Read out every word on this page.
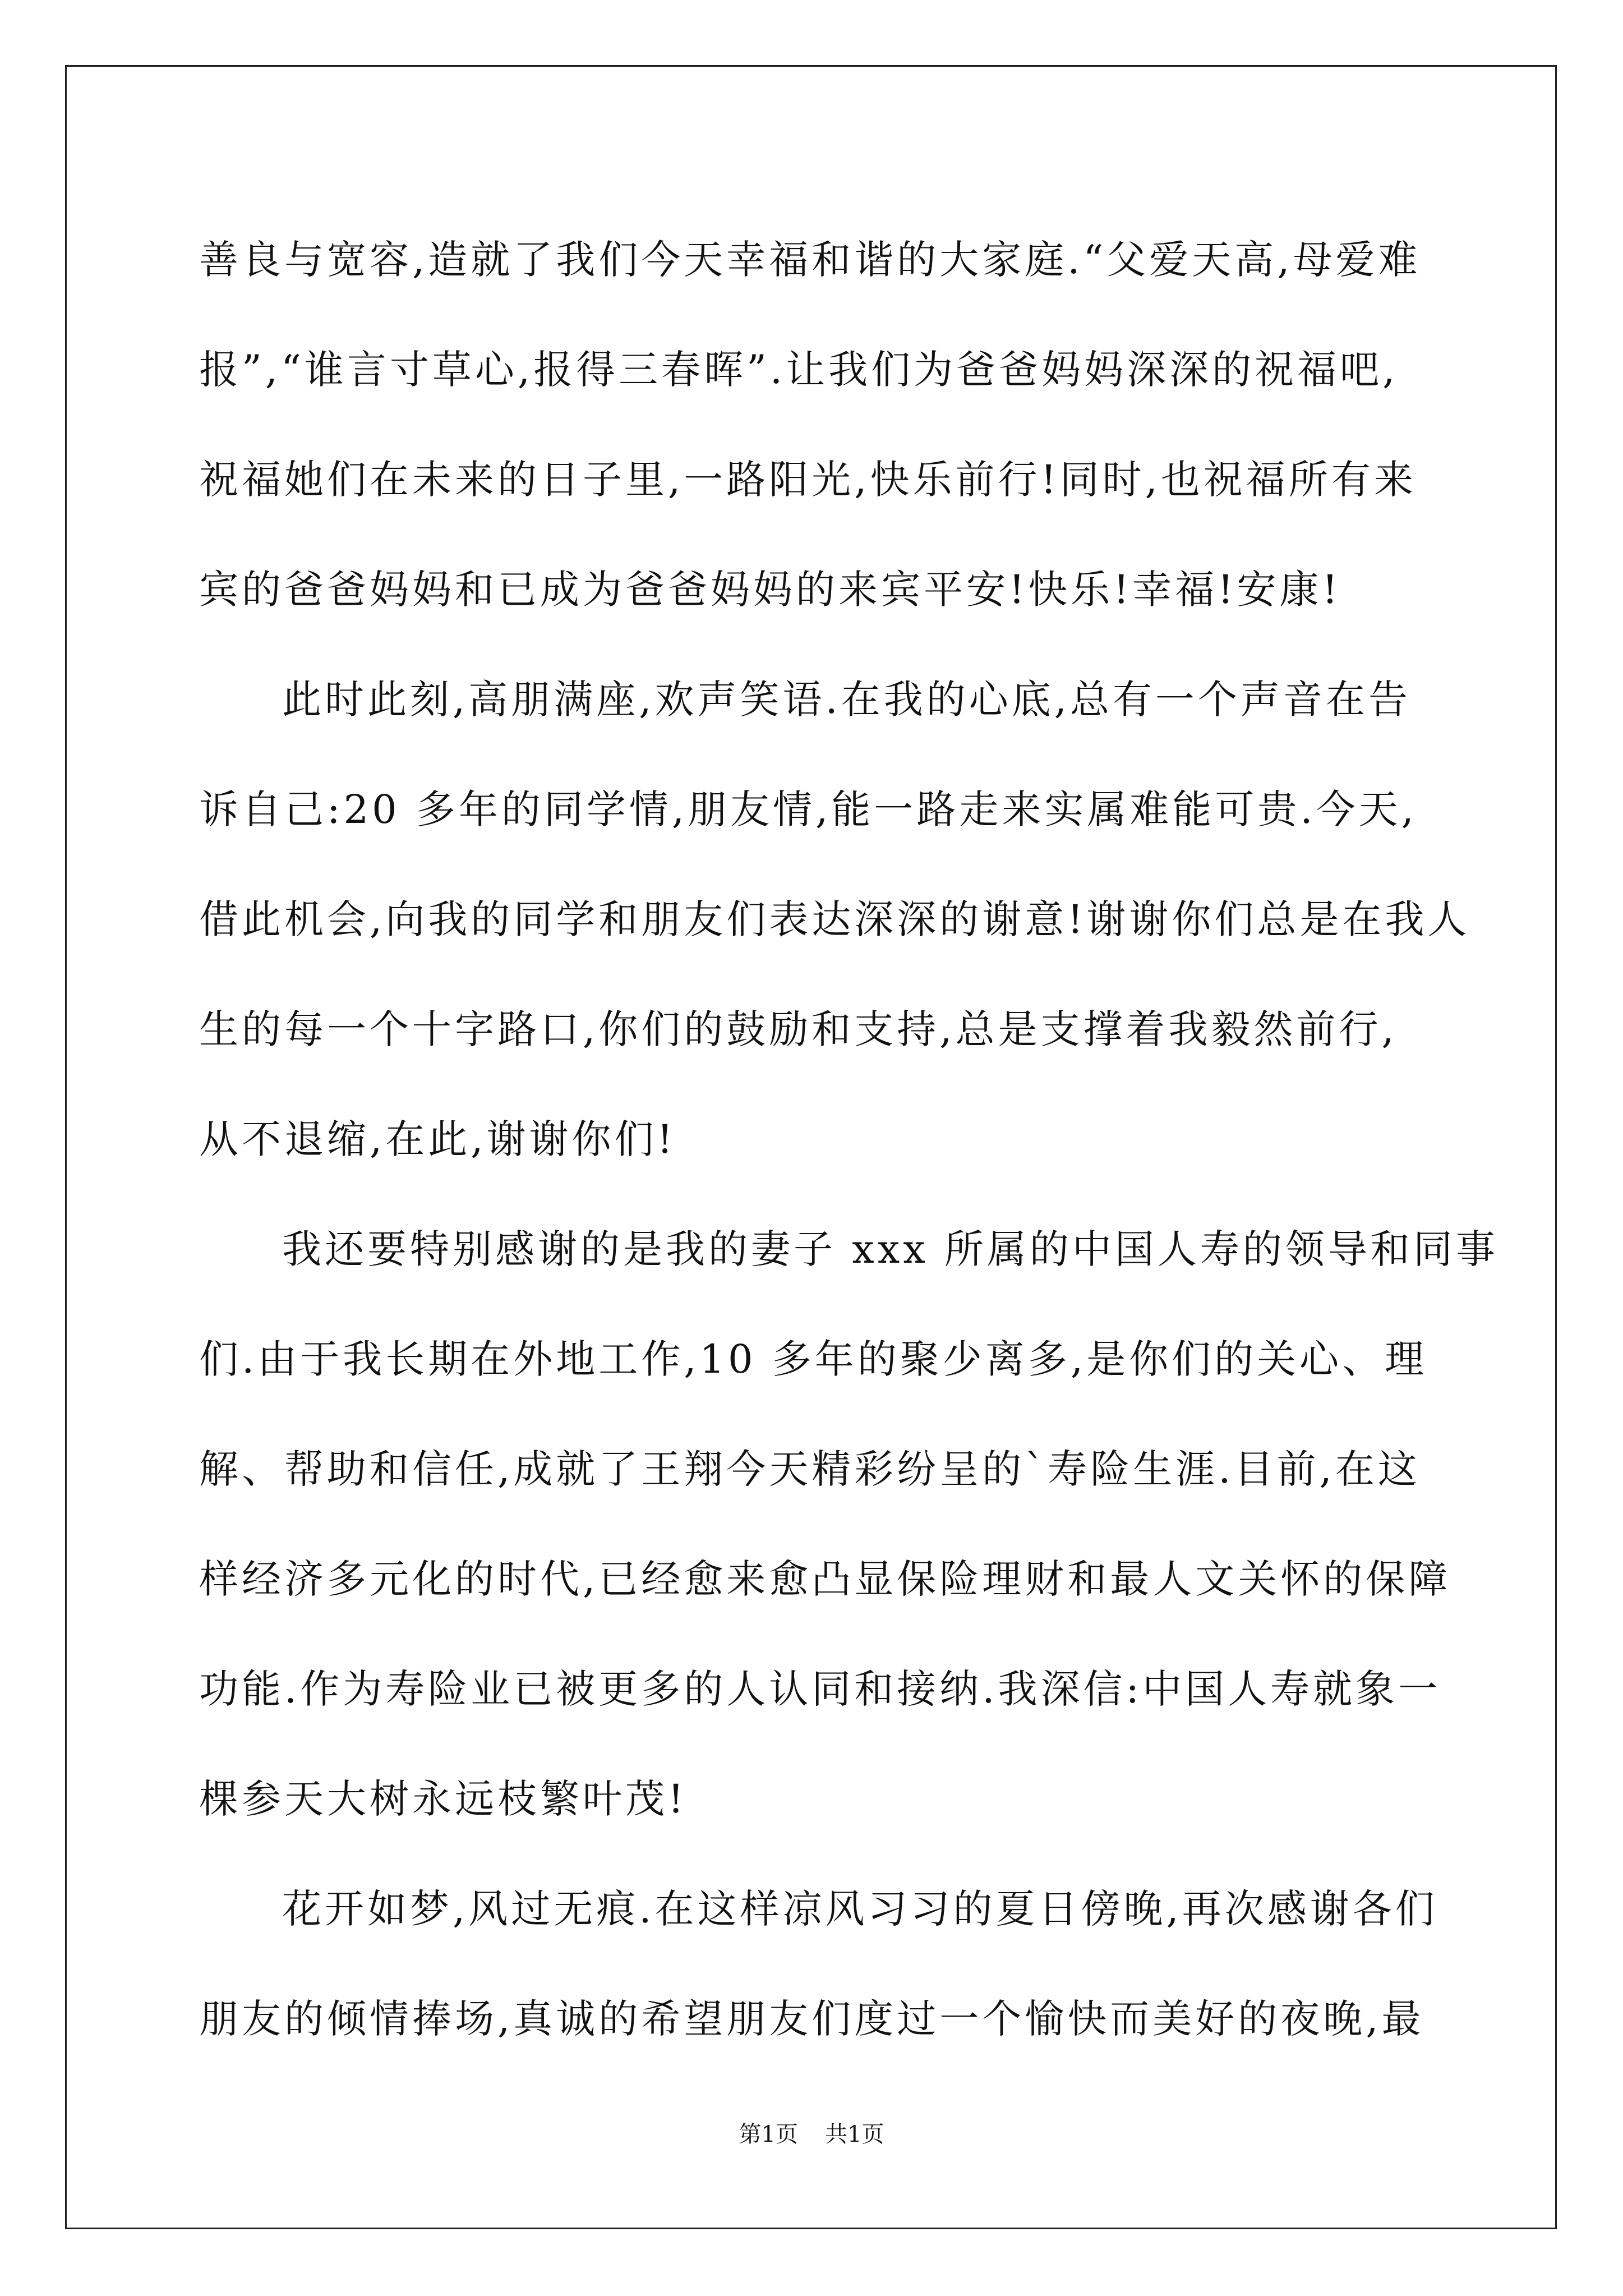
善良与宽容,造就了我们今天幸福和谐的大家庭.“父爱天高,母爱难
报”,“谁言寸草心,报得三春晖”.让我们为爸爸妈妈深深的祝福吧,
祝福她们在未来的日子里,一路阳光,快乐前行!同时,也祝福所有来
宾的爸爸妈妈和已成为爸爸妈妈的来宾平安!快乐!幸福!安康!
此时此刻,高朋满座,欢声笑语.在我的心底,总有一个声音在告
诉自己:20 多年的同学情,朋友情,能一路走来实属难能可贵.今天,
借此机会,向我的同学和朋友们表达深深的谢意!谢谢你们总是在我人
生的每一个十字路口,你们的鼓励和支持,总是支撑着我毅然前行,
从不退缩,在此,谢谢你们!
我还要特别感谢的是我的妻子 xxx 所属的中国人寿的领导和同事
们.由于我长期在外地工作,10 多年的聚少离多,是你们的关心、理
解、帮助和信任,成就了王翔今天精彩纷呈的`寿险生涯.目前,在这
样经济多元化的时代,已经愈来愈凸显保险理财和最人文关怀的保障
功能.作为寿险业已被更多的人认同和接纳.我深信:中国人寿就象一
棵参天大树永远枝繁叶茂!
花开如梦,风过无痕.在这样凉风习习的夏日傍晚,再次感谢各们
朋友的倾情捧场,真诚的希望朋友们度过一个愉快而美好的夜晚,最
第1页 共1页
